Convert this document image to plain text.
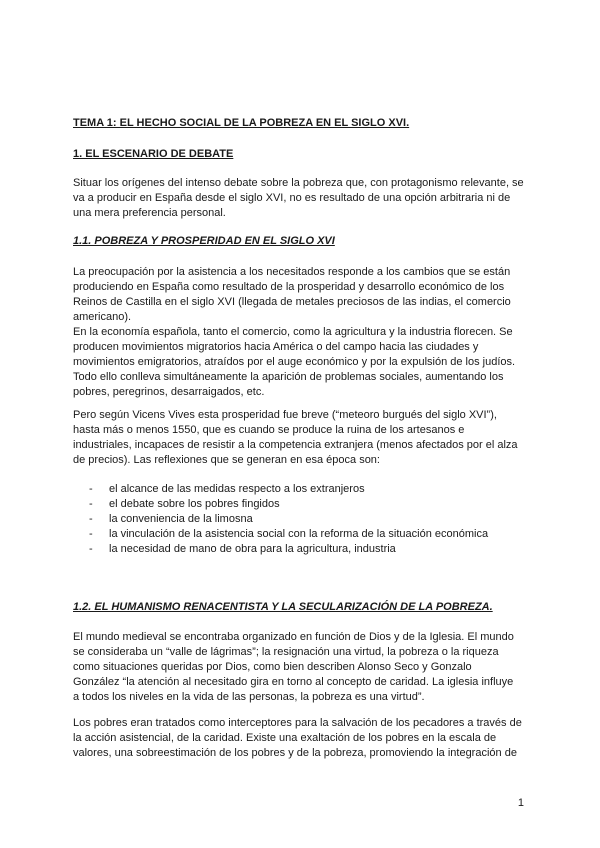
TEMA 1: EL HECHO SOCIAL DE LA POBREZA EN EL SIGLO XVI.

1. EL ESCENARIO DE DEBATE

Situar los orígenes del intenso debate sobre la pobreza que, con protagonismo relevante, se
va a producir en España desde el siglo XVI, no es resultado de una opción arbitraria ni de
una mera preferencia personal.

1.1. POBREZA Y PROSPERIDAD EN EL SIGLO XVI

La preocupación por la asistencia a los necesitados responde a los cambios que se están
produciendo en España como resultado de la prosperidad y desarrollo económico de los
Reinos de Castilla en el siglo XVI (llegada de metales preciosos de las indias, el comercio
americano).
En la economía española, tanto el comercio, como la agricultura y la industria florecen. Se
producen movimientos migratorios hacia América o del campo hacia las ciudades y
movimientos emigratorios, atraídos por el auge económico y por la expulsión de los judíos.
Todo ello conlleva simultáneamente la aparición de problemas sociales, aumentando los
pobres, peregrinos, desarraigados, etc.

Pero según Vicens Vives esta prosperidad fue breve (“meteoro burgués del siglo XVI”),
hasta más o menos 1550, que es cuando se produce la ruina de los artesanos e
industriales, incapaces de resistir a la competencia extranjera (menos afectados por el alza
de precios). Las reflexiones que se generan en esa época son:

- el alcance de las medidas respecto a los extranjeros
- el debate sobre los pobres fingidos
- la conveniencia de la limosna
- la vinculación de la asistencia social con la reforma de la situación económica
- la necesidad de mano de obra para la agricultura, industria

1.2. EL HUMANISMO RENACENTISTA Y LA SECULARIZACIÓN DE LA POBREZA.

El mundo medieval se encontraba organizado en función de Dios y de la Iglesia. El mundo
se consideraba un “valle de lágrimas”; la resignación una virtud, la pobreza o la riqueza
como situaciones queridas por Dios, como bien describen Alonso Seco y Gonzalo
González “la atención al necesitado gira en torno al concepto de caridad. La iglesia influye
a todos los niveles en la vida de las personas, la pobreza es una virtud”.

Los pobres eran tratados como interceptores para la salvación de los pecadores a través de
la acción asistencial, de la caridad. Existe una exaltación de los pobres en la escala de
valores, una sobreestimación de los pobres y de la pobreza, promoviendo la integración de

1
